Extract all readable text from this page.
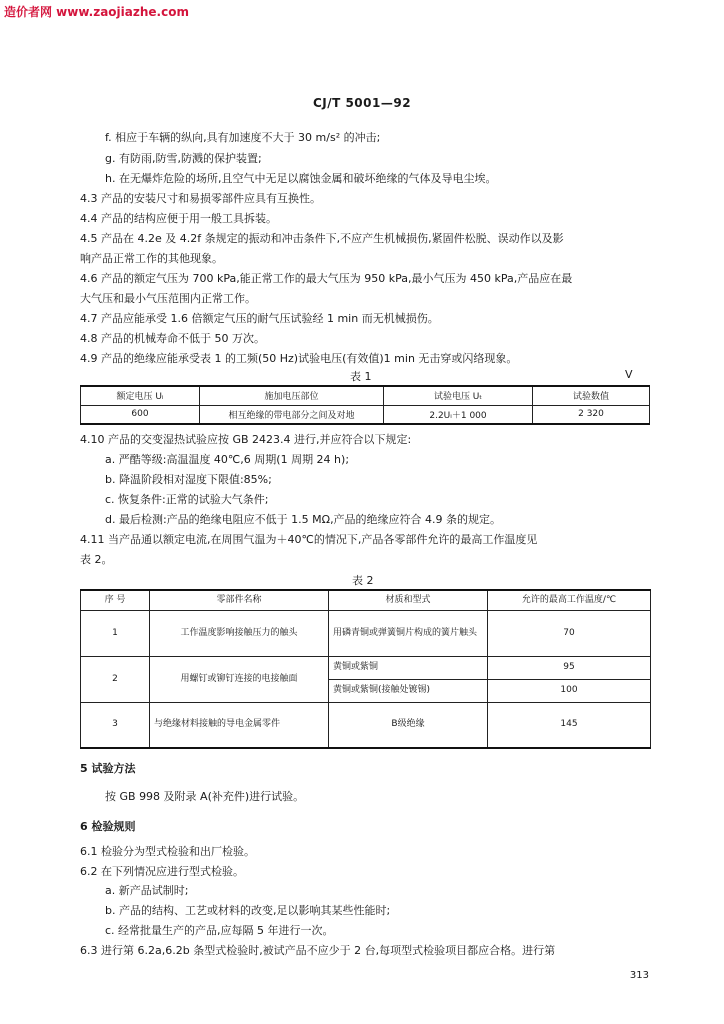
造价者网 www.zaojiazhe.com
CJ/T 5001—92
f. 相应于车辆的纵向,具有加速度不大于 30 m/s² 的冲击;
g. 有防雨,防雪,防溅的保护装置;
h. 在无爆炸危险的场所,且空气中无足以腐蚀金属和破坏绝缘的气体及导电尘埃。
4.3 产品的安装尺寸和易损零部件应具有互换性。
4.4 产品的结构应便于用一般工具拆装。
4.5 产品在 4.2e 及 4.2f 条规定的振动和冲击条件下,不应产生机械损伤,紧固件松脱、误动作以及影
响产品正常工作的其他现象。
4.6 产品的额定气压为 700 kPa,能正常工作的最大气压为 950 kPa,最小气压为 450 kPa,产品应在最
大气压和最小气压范围内正常工作。
4.7 产品应能承受 1.6 倍额定气压的耐气压试验经 1 min 而无机械损伤。
4.8 产品的机械寿命不低于 50 万次。
4.9 产品的绝缘应能承受表 1 的工频(50 Hz)试验电压(有效值)1 min 无击穿或闪络现象。
表 1	V
额定电压 Uᵢ	施加电压部位	试验电压 Uₜ	试验数值
600	相互绝缘的带电部分之间及对地	2.2Uᵢ＋1 000	2 320
4.10 产品的交变湿热试验应按 GB 2423.4 进行,并应符合以下规定:
a. 严酷等级:高温温度 40℃,6 周期(1 周期 24 h);
b. 降温阶段相对湿度下限值:85%;
c. 恢复条件:正常的试验大气条件;
d. 最后检测:产品的绝缘电阻应不低于 1.5 MΩ,产品的绝缘应符合 4.9 条的规定。
4.11 当产品通以额定电流,在周围气温为＋40℃的情况下,产品各零部件允许的最高工作温度见
表 2。
表 2
序 号	零部件名称	材质和型式	允许的最高工作温度/℃
1	工作温度影响接触压力的触头	用磷青铜或弹簧铜片构成的簧片触头	70
2	用螺钉或铆钉连接的电接触面	黄铜或紫铜	95
		黄铜或紫铜(接触处镀锡)	100
3	与绝缘材料接触的导电金属零件	B级绝缘	145
5 试验方法
按 GB 998 及附录 A(补充件)进行试验。
6 检验规则
6.1 检验分为型式检验和出厂检验。
6.2 在下列情况应进行型式检验。
a. 新产品试制时;
b. 产品的结构、工艺或材料的改变,足以影响其某些性能时;
c. 经常批量生产的产品,应每隔 5 年进行一次。
6.3 进行第 6.2a,6.2b 条型式检验时,被试产品不应少于 2 台,每项型式检验项目都应合格。进行第
313
